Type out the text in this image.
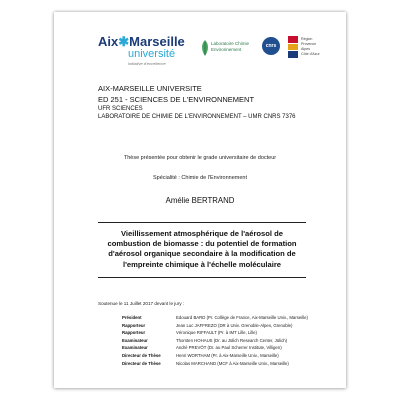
Aix✱Marseille
université
Initiative d'excellence
Laboratoire Chimie
Environnement
cnrs
Région
Provence
Alpes
Côte d'Azur
AIX-MARSEILLE UNIVERSITE
ED 251 - SCIENCES DE L'ENVIRONNEMENT
UFR SCIENCES
LABORATOIRE DE CHIMIE DE L'ENVIRONNEMENT – UMR CNRS 7376
Thèse présentée pour obtenir le grade universitaire de docteur
Spécialité : Chimie de l'Environnement
Amélie BERTRAND
Vieillissement atmosphérique de l'aérosol de
combustion de biomasse : du potentiel de formation
d'aérosol organique secondaire à la modification de
l'empreinte chimique à l'échelle moléculaire
Soutenue le 11 Juillet 2017 devant le jury :
Président	Edouard BARD (Pr. Collège de France, Aix-Marseille Univ., Marseille)
Rapporteur	Jean Luc JAFFREZO (DR à Univ. Grenoble-Alpes, Grenoble)
Rapporteur	Véronique RIFFAULT (Pr. à IMT Lille, Lille)
Examinateur	Thorsten HOHAUS (Dr. au Jülich Research Center, Jülich)
Examinateur	André PREVÔT (Dr. au Paul Scherrer Institute, Villigen)
Directeur de Thèse	Henri WORTHAM (Pr. à Aix-Marseille Univ., Marseille)
Directeur de Thèse	Nicolas MARCHAND (MCF à Aix-Marseille Univ., Marseille)
